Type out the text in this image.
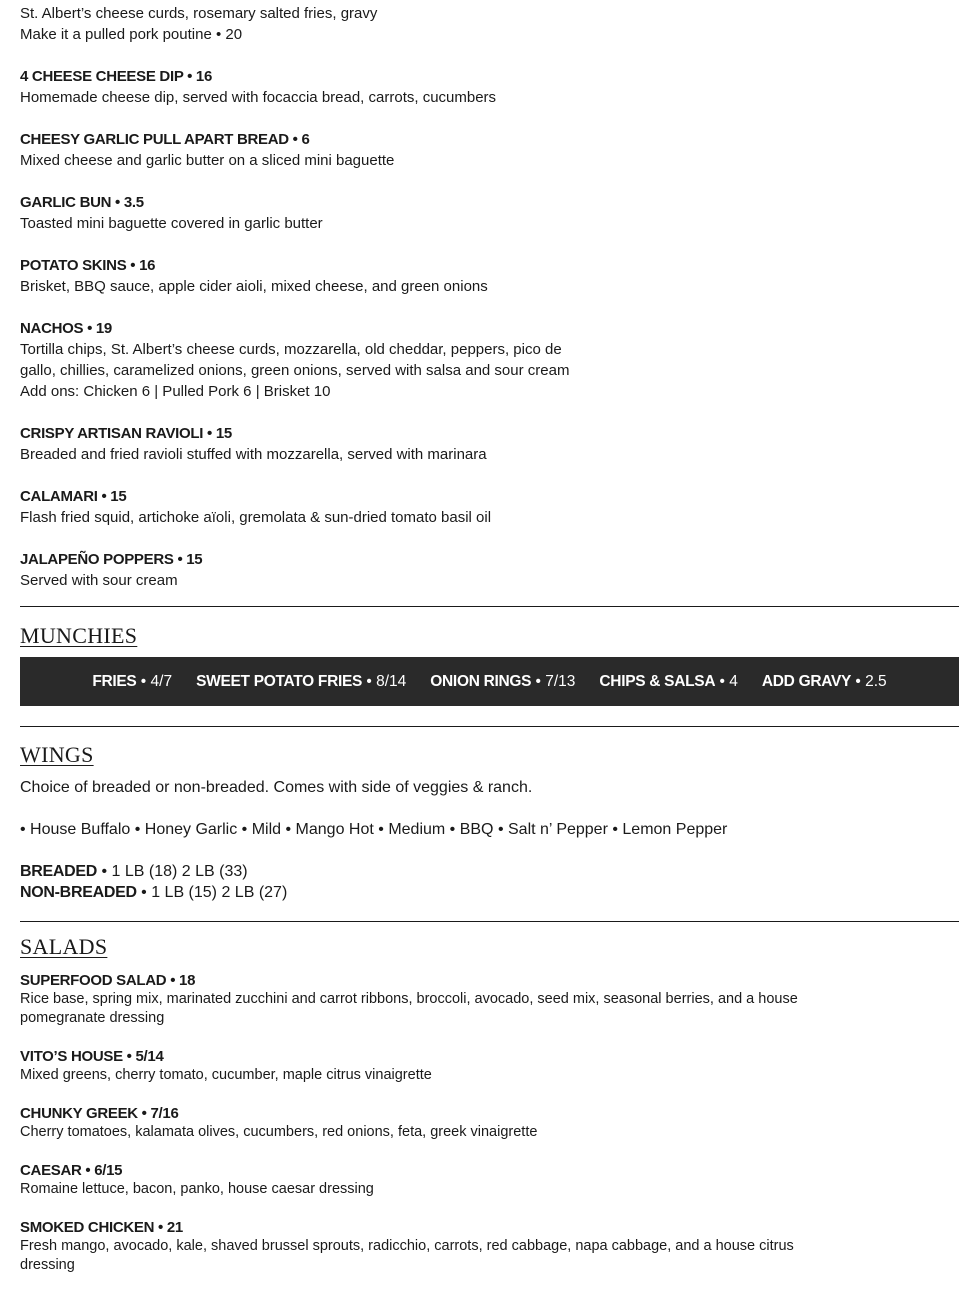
St. Albert’s cheese curds, rosemary salted fries, gravy
Make it a pulled pork poutine • 20
4 CHEESE CHEESE DIP • 16
Homemade cheese dip, served with focaccia bread, carrots, cucumbers
CHEESY GARLIC PULL APART BREAD • 6
Mixed cheese and garlic butter on a sliced mini baguette
GARLIC BUN • 3.5
Toasted mini baguette covered in garlic butter
POTATO SKINS • 16
Brisket, BBQ sauce, apple cider aioli, mixed cheese, and green onions
NACHOS • 19
Tortilla chips, St. Albert’s cheese curds, mozzarella, old cheddar, peppers, pico de
gallo, chillies, caramelized onions, green onions, served with salsa and sour cream
Add ons: Chicken 6 | Pulled Pork 6 | Brisket 10
CRISPY ARTISAN RAVIOLI • 15
Breaded and fried ravioli stuffed with mozzarella, served with marinara
CALAMARI • 15
Flash fried squid, artichoke aïoli, gremolata & sun-dried tomato basil oil
JALAPEÑO POPPERS • 15
Served with sour cream
MUNCHIES
FRIES • 4/7 SWEET POTATO FRIES • 8/14 ONION RINGS • 7/13 CHIPS & SALSA • 4 ADD GRAVY • 2.5
WINGS
Choice of breaded or non-breaded. Comes with side of veggies & ranch.
• House Buffalo • Honey Garlic • Mild • Mango Hot • Medium • BBQ • Salt n’ Pepper • Lemon Pepper
BREADED • 1 LB (18) 2 LB (33)
NON-BREADED • 1 LB (15) 2 LB (27)
SALADS
SUPERFOOD SALAD • 18
Rice base, spring mix, marinated zucchini and carrot ribbons, broccoli, avocado, seed mix, seasonal berries, and a house pomegranate dressing
VITO’S HOUSE • 5/14
Mixed greens, cherry tomato, cucumber, maple citrus vinaigrette
CHUNKY GREEK • 7/16
Cherry tomatoes, kalamata olives, cucumbers, red onions, feta, greek vinaigrette
CAESAR • 6/15
Romaine lettuce, bacon, panko, house caesar dressing
SMOKED CHICKEN • 21
Fresh mango, avocado, kale, shaved brussel sprouts, radicchio, carrots, red cabbage, napa cabbage, and a house citrus dressing
